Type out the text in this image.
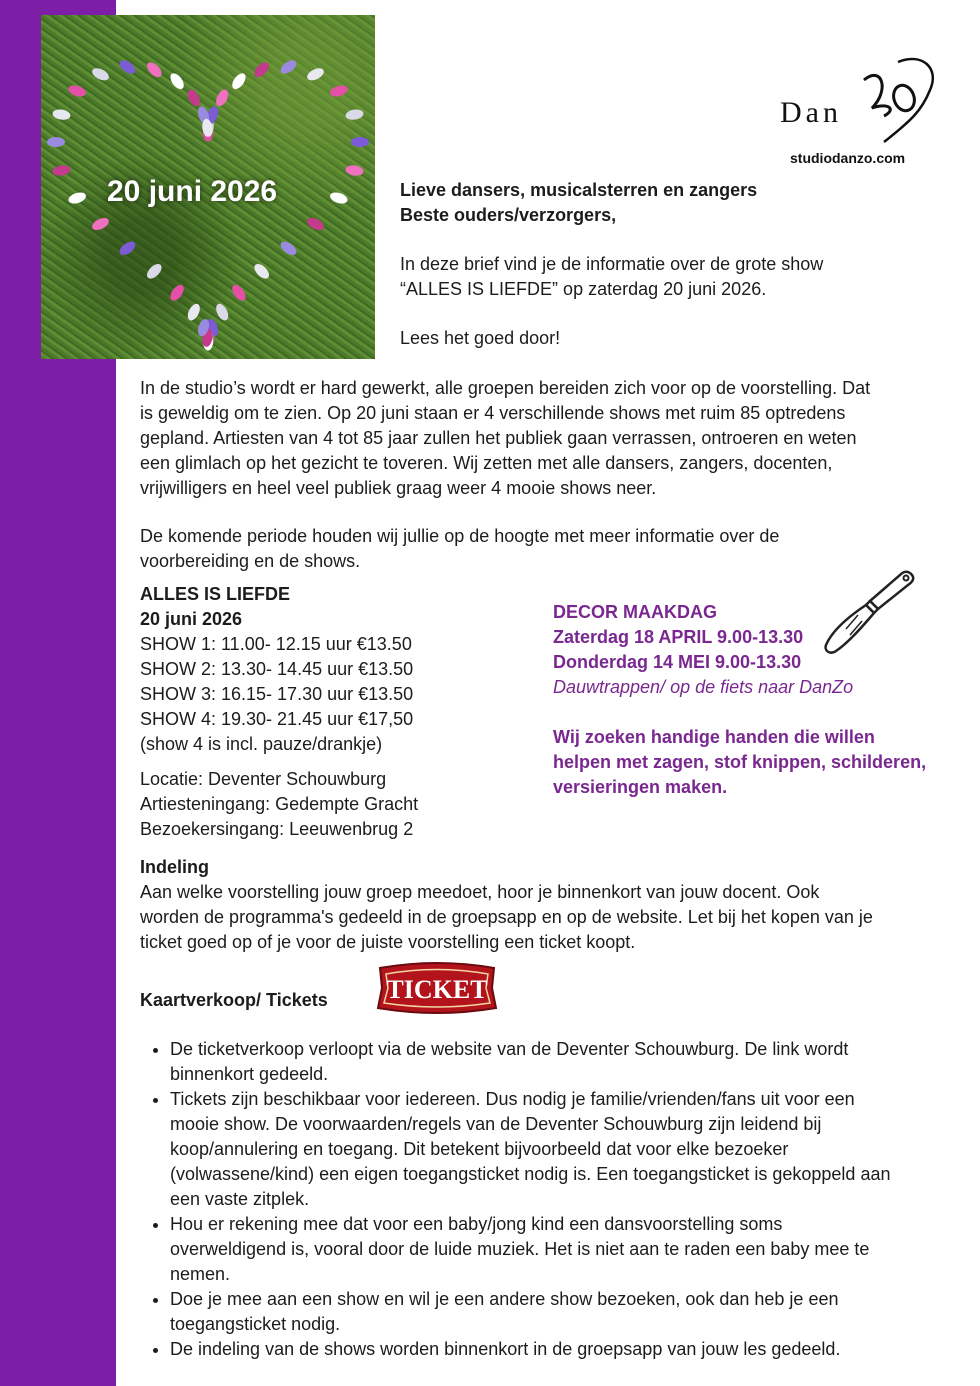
20 juni 2026
Dan
studiodanzo.com
Lieve dansers, musicalsterren en zangers
Beste ouders/verzorgers,
In deze brief vind je de informatie over de grote show
“ALLES IS LIEFDE” op zaterdag 20 juni 2026.
Lees het goed door!
In de studio’s wordt er hard gewerkt, alle groepen bereiden zich voor op de voorstelling. Dat
is geweldig om te zien. Op 20 juni staan er 4 verschillende shows met ruim 85 optredens
gepland. Artiesten van 4 tot 85 jaar zullen het publiek gaan verrassen, ontroeren en weten
een glimlach op het gezicht te toveren. Wij zetten met alle dansers, zangers, docenten,
vrijwilligers en heel veel publiek graag weer 4 mooie shows neer.
De komende periode houden wij jullie op de hoogte met meer informatie over de
voorbereiding en de shows.
ALLES IS LIEFDE
20 juni 2026
SHOW 1: 11.00- 12.15 uur €13.50
SHOW 2: 13.30- 14.45 uur €13.50
SHOW 3: 16.15- 17.30 uur €13.50
SHOW 4: 19.30- 21.45 uur €17,50
(show 4 is incl. pauze/drankje)
Locatie: Deventer Schouwburg
Artiesteningang: Gedempte Gracht
Bezoekersingang: Leeuwenbrug 2
DECOR MAAKDAG
Zaterdag 18 APRIL 9.00-13.30
Donderdag 14 MEI 9.00-13.30
Dauwtrappen/ op de fiets naar DanZo
Wij zoeken handige handen die willen
helpen met zagen, stof knippen, schilderen,
versieringen maken.
Indeling
Aan welke voorstelling jouw groep meedoet, hoor je binnenkort van jouw docent. Ook
worden de programma's gedeeld in de groepsapp en op de website. Let bij het kopen van je
ticket goed op of je voor de juiste voorstelling een ticket koopt.
Kaartverkoop/ Tickets TICKET
• De ticketverkoop verloopt via de website van de Deventer Schouwburg. De link wordt
binnenkort gedeeld.
• Tickets zijn beschikbaar voor iedereen. Dus nodig je familie/vrienden/fans uit voor een
mooie show. De voorwaarden/regels van de Deventer Schouwburg zijn leidend bij
koop/annulering en toegang. Dit betekent bijvoorbeeld dat voor elke bezoeker
(volwassene/kind) een eigen toegangsticket nodig is. Een toegangsticket is gekoppeld aan
een vaste zitplek.
• Hou er rekening mee dat voor een baby/jong kind een dansvoorstelling soms
overweldigend is, vooral door de luide muziek. Het is niet aan te raden een baby mee te
nemen.
• Doe je mee aan een show en wil je een andere show bezoeken, ook dan heb je een
toegangsticket nodig.
• De indeling van de shows worden binnenkort in de groepsapp van jouw les gedeeld.
